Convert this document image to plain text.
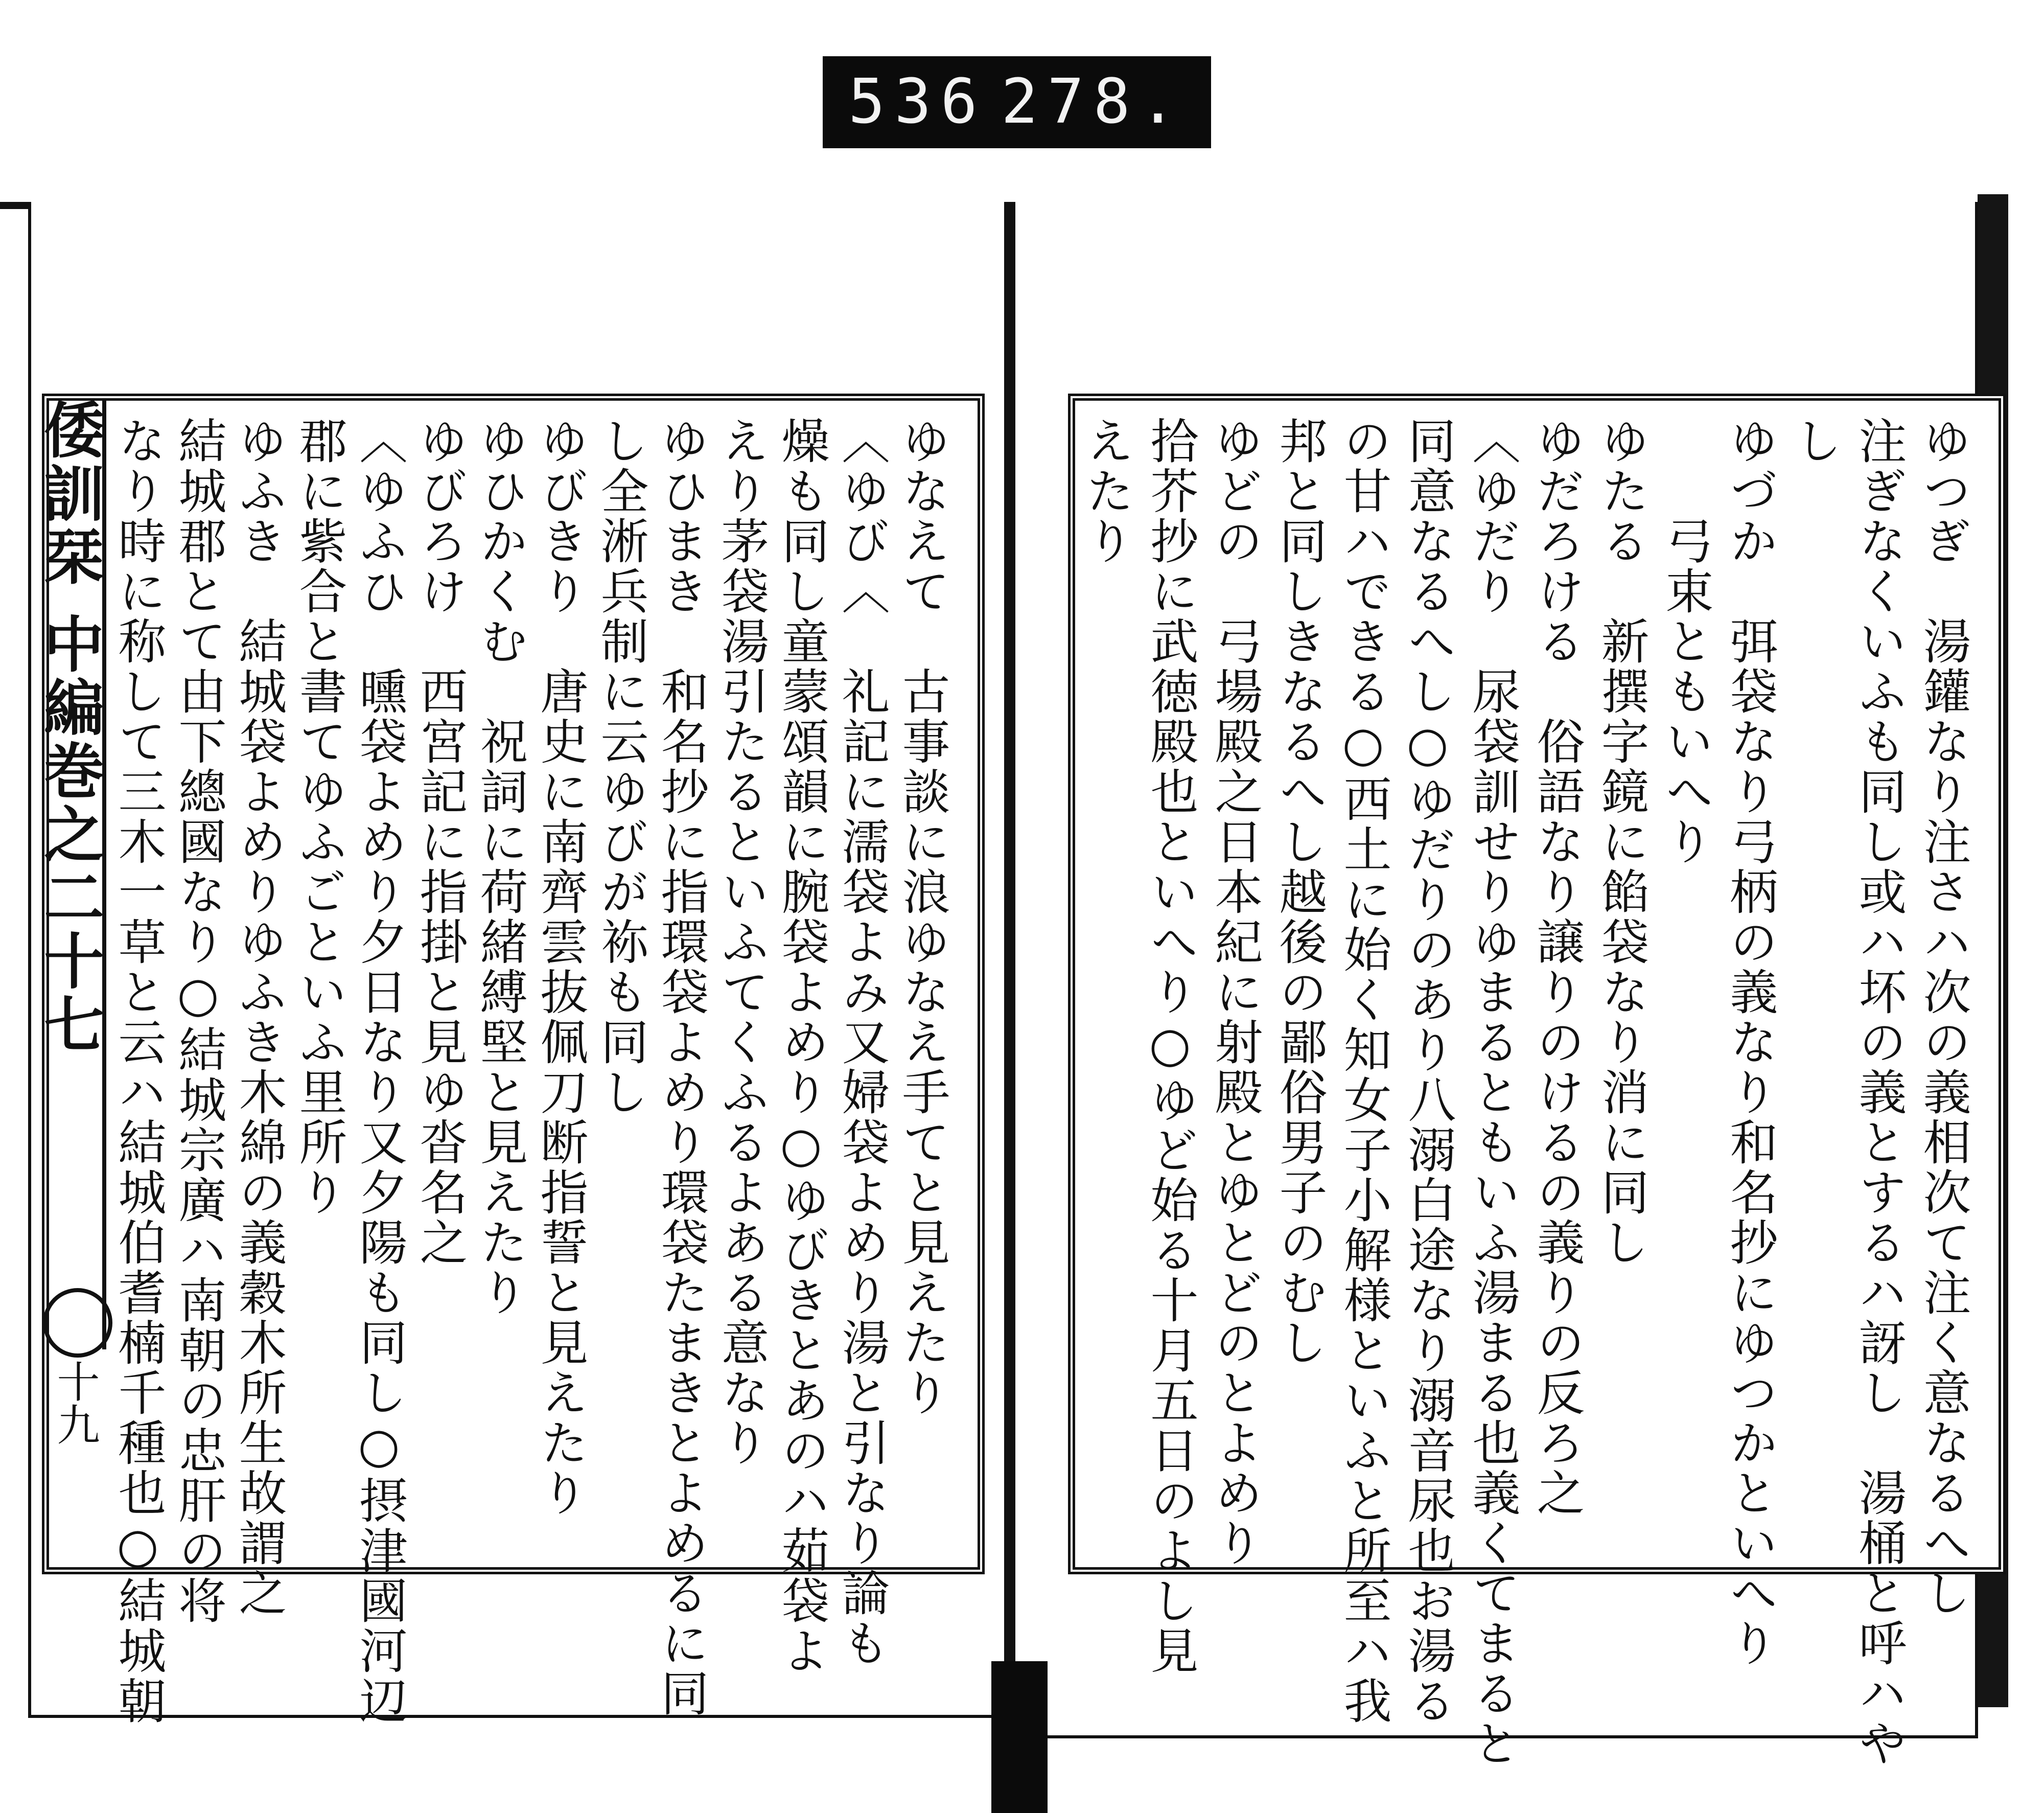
536 278.
ゆなえて　古事談に浪ゆなえ手てと見えたり
〈ゆび〈　礼記に濡袋よみ又婦袋よめり湯と引なり論も
燥も同し童蒙頌韻に腕袋よめり○ゆびきとあのハ茹袋よ
えり茅袋湯引たるといふてくふるよある意なり
ゆひまき　和名抄に指環袋よめり環袋たまきとよめるに同
し全淅兵制に云ゆびが袮も同し
ゆびきり　唐史に南齊雲抜佩刀断指誓と見えたり
ゆひかくむ　祝詞に荷緒縛堅と見えたり
ゆびろけ　西宮記に指掛と見ゆ沓名之
〈ゆふひ　曛袋よめり夕日なり又夕陽も同し○摂津國河辺
郡に紫合と書てゆふごといふ里所り
ゆふき　結城袋よめりゆふき木綿の義穀木所生故謂之
結城郡とて由下總國なり○結城宗廣ハ南朝の忠肝の将
なり時に称して三木一草と云ハ結城伯耆楠千種也○結城朝	ゆつぎ　湯鑵なり注さハ次の義相次て注く意なるへし
注ぎなくいふも同し或ハ坏の義とするハ訝し　湯桶と呼ハや
し
ゆづか　弭袋なり弓柄の義なり和名抄にゆつかといへり
　　弓束ともいへり
ゆたる　新撰字鏡に餡袋なり消に同し
ゆだろける　俗語なり譲りのけるの義りの反ろ之
〈ゆだり　尿袋訓せりゆまるともいふ湯まる也義くてまると
同意なるへし○ゆだりのあり八溺白途なり溺音尿也お湯る
の甘ハできる○西土に始く知女子小解様といふと所至ハ我
邦と同しきなるへし越後の鄙俗男子のむし
ゆどの　弓場殿之日本紀に射殿とゆとどのとよめり
拾芥抄に武徳殿也といへり○ゆど始る十月五日のよし見
えたり
倭訓栞 中編巻之二十七
十九
